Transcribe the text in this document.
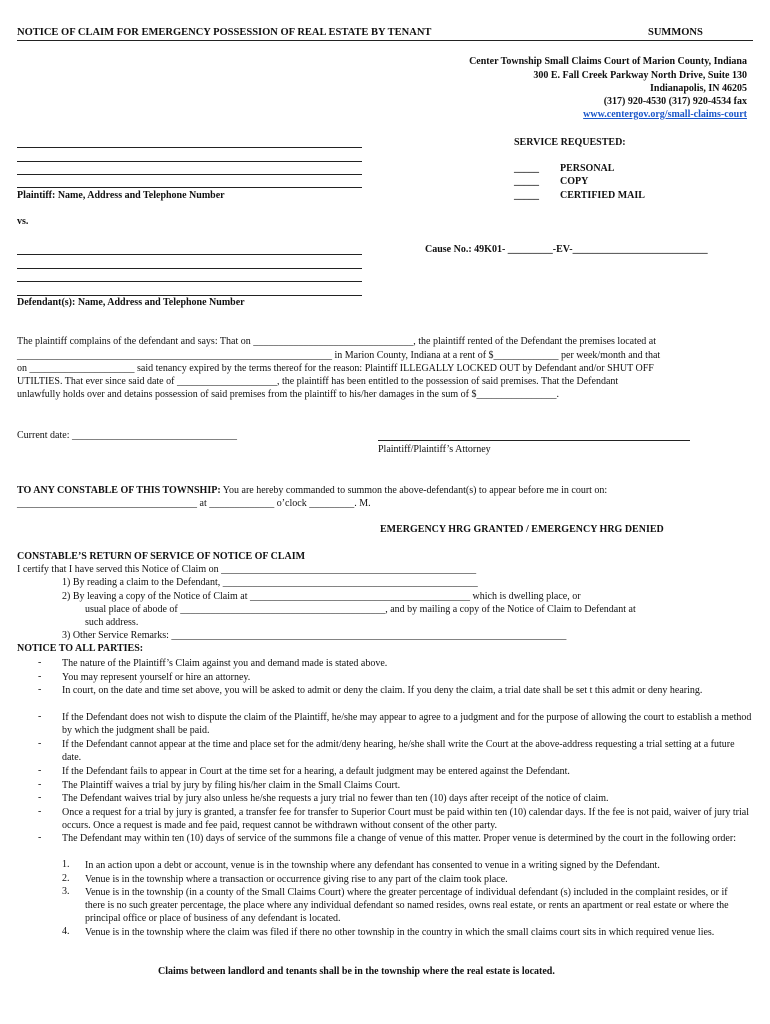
NOTICE OF CLAIM FOR EMERGENCY POSSESSION OF REAL ESTATE BY TENANT	SUMMONS
Center Township Small Claims Court of Marion County, Indiana
300 E. Fall Creek Parkway North Drive, Suite 130
Indianapolis, IN 46205
(317) 920-4530 (317) 920-4534 fax
www.centergov.org/small-claims-court
Plaintiff: Name, Address and Telephone Number
SERVICE REQUESTED:
_____ PERSONAL
_____ COPY
_____ CERTIFIED MAIL
vs.
Defendant(s): Name, Address and Telephone Number
Cause No.: 49K01- _________-EV-___________________________
The plaintiff complains of the defendant and says: That on ________________________________, the plaintiff rented of the Defendant the premises located at
_______________________________________________________________ in Marion County, Indiana at a rent of $_____________ per week/month and that
on _____________________ said tenancy expired by the terms thereof for the reason: Plaintiff ILLEGALLY LOCKED OUT by Defendant and/or SHUT OFF
UTILTIES. That ever since said date of ____________________, the plaintiff has been entitled to the possession of said premises. That the Defendant
unlawfully holds over and detains possession of said premises from the plaintiff to his/her damages in the sum of $________________.
Current date: _________________________________
Plaintiff/Plaintiff’s Attorney
TO ANY CONSTABLE OF THIS TOWNSHIP: You are hereby commanded to summon the above-defendant(s) to appear before me in court on:
____________________________________ at _____________ o’clock _________. M.
EMERGENCY HRG GRANTED / EMERGENCY HRG DENIED
CONSTABLE’S RETURN OF SERVICE OF NOTICE OF CLAIM
I certify that I have served this Notice of Claim on ___________________________________________________
1) By reading a claim to the Defendant, ___________________________________________________
2) By leaving a copy of the Notice of Claim at ____________________________________________ which is dwelling place, or
usual place of abode of _________________________________________, and by mailing a copy of the Notice of Claim to Defendant at
such address.
3) Other Service Remarks: _______________________________________________________________________________
NOTICE TO ALL PARTIES:
- The nature of the Plaintiff’s Claim against you and demand made is stated above.
- You may represent yourself or hire an attorney.
- In court, on the date and time set above, you will be asked to admit or deny the claim. If you deny the claim, a trial date shall be set t this admit or deny hearing.
- If the Defendant does not wish to dispute the claim of the Plaintiff, he/she may appear to agree to a judgment and for the purpose of allowing the court to establish a method by which the judgment shall be paid.
- If the Defendant cannot appear at the time and place set for the admit/deny hearing, he/she shall write the Court at the above-address requesting a trial setting at a future date.
- If the Defendant fails to appear in Court at the time set for a hearing, a default judgment may be entered against the Defendant.
- The Plaintiff waives a trial by jury by filing his/her claim in the Small Claims Court.
- The Defendant waives trial by jury also unless he/she requests a jury trial no fewer than ten (10) days after receipt of the notice of claim.
- Once a request for a trial by jury is granted, a transfer fee for transfer to Superior Court must be paid within ten (10) calendar days. If the fee is not paid, waiver of jury trial occurs. Once a request is made and fee paid, request cannot be withdrawn without consent of the other party.
- The Defendant may within ten (10) days of service of the summons file a change of venue of this matter. Proper venue is determined by the court in the following order:
1. In an action upon a debt or account, venue is in the township where any defendant has consented to venue in a writing signed by the Defendant.
2. Venue is in the township where a transaction or occurrence giving rise to any part of the claim took place.
3. Venue is in the township (in a county of the Small Claims Court) where the greater percentage of individual defendant (s) included in the complaint resides, or if there is no such greater percentage, the place where any individual defendant so named resides, owns real estate, or rents an apartment or real estate or where the principal office or place of business of any defendant is located.
4. Venue is in the township where the claim was filed if there no other township in the country in which the small claims court sits in which required venue lies.
Claims between landlord and tenants shall be in the township where the real estate is located.
